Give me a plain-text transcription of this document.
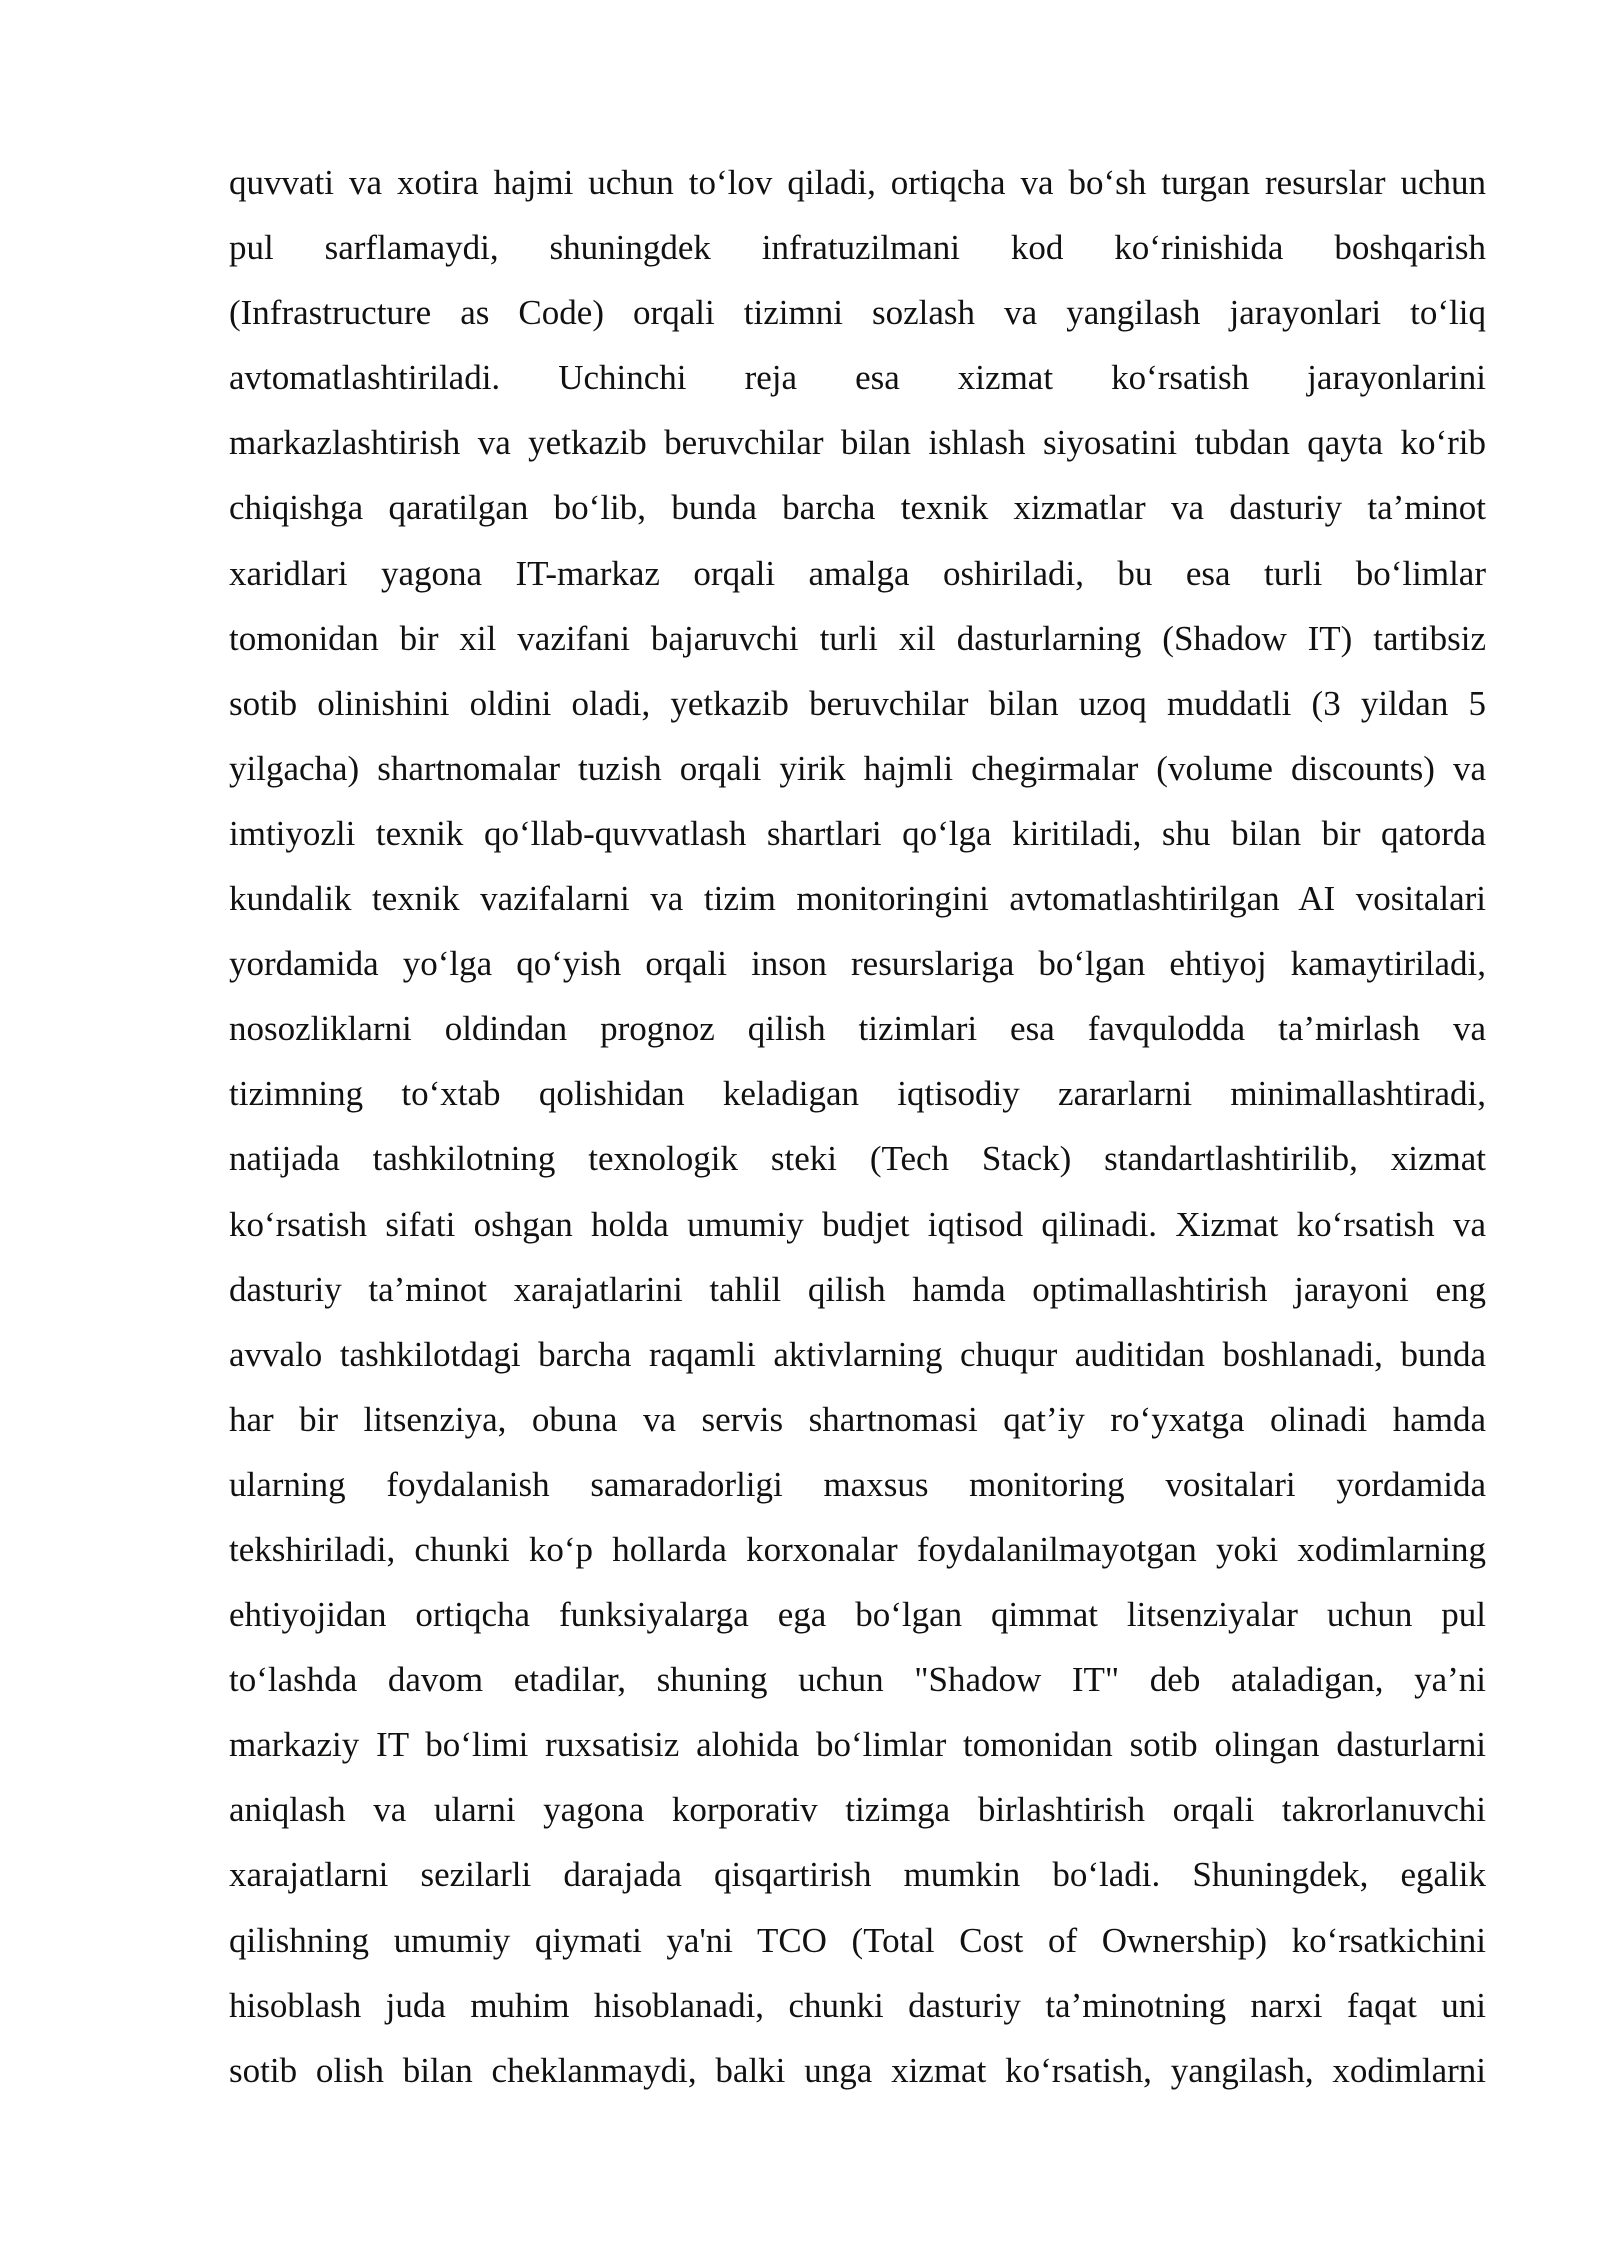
quvvati va xotira hajmi uchun to‘lov qiladi, ortiqcha va bo‘sh turgan resurslar uchun
pul sarflamaydi, shuningdek infratuzilmani kod ko‘rinishida boshqarish
(Infrastructure as Code) orqali tizimni sozlash va yangilash jarayonlari to‘liq
avtomatlashtiriladi. Uchinchi reja esa xizmat ko‘rsatish jarayonlarini
markazlashtirish va yetkazib beruvchilar bilan ishlash siyosatini tubdan qayta ko‘rib
chiqishga qaratilgan bo‘lib, bunda barcha texnik xizmatlar va dasturiy ta’minot
xaridlari yagona IT-markaz orqali amalga oshiriladi, bu esa turli bo‘limlar
tomonidan bir xil vazifani bajaruvchi turli xil dasturlarning (Shadow IT) tartibsiz
sotib olinishini oldini oladi, yetkazib beruvchilar bilan uzoq muddatli (3 yildan 5
yilgacha) shartnomalar tuzish orqali yirik hajmli chegirmalar (volume discounts) va
imtiyozli texnik qo‘llab-quvvatlash shartlari qo‘lga kiritiladi, shu bilan bir qatorda
kundalik texnik vazifalarni va tizim monitoringini avtomatlashtirilgan AI vositalari
yordamida yo‘lga qo‘yish orqali inson resurslariga bo‘lgan ehtiyoj kamaytiriladi,
nosozliklarni oldindan prognoz qilish tizimlari esa favqulodda ta’mirlash va
tizimning to‘xtab qolishidan keladigan iqtisodiy zararlarni minimallashtiradi,
natijada tashkilotning texnologik steki (Tech Stack) standartlashtirilib, xizmat
ko‘rsatish sifati oshgan holda umumiy budjet iqtisod qilinadi. Xizmat ko‘rsatish va
dasturiy ta’minot xarajatlarini tahlil qilish hamda optimallashtirish jarayoni eng
avvalo tashkilotdagi barcha raqamli aktivlarning chuqur auditidan boshlanadi, bunda
har bir litsenziya, obuna va servis shartnomasi qat’iy ro‘yxatga olinadi hamda
ularning foydalanish samaradorligi maxsus monitoring vositalari yordamida
tekshiriladi, chunki ko‘p hollarda korxonalar foydalanilmayotgan yoki xodimlarning
ehtiyojidan ortiqcha funksiyalarga ega bo‘lgan qimmat litsenziyalar uchun pul
to‘lashda davom etadilar, shuning uchun "Shadow IT" deb ataladigan, ya’ni
markaziy IT bo‘limi ruxsatisiz alohida bo‘limlar tomonidan sotib olingan dasturlarni
aniqlash va ularni yagona korporativ tizimga birlashtirish orqali takrorlanuvchi
xarajatlarni sezilarli darajada qisqartirish mumkin bo‘ladi. Shuningdek, egalik
qilishning umumiy qiymati ya'ni TCO (Total Cost of Ownership) ko‘rsatkichini
hisoblash juda muhim hisoblanadi, chunki dasturiy ta’minotning narxi faqat uni
sotib olish bilan cheklanmaydi, balki unga xizmat ko‘rsatish, yangilash, xodimlarni
